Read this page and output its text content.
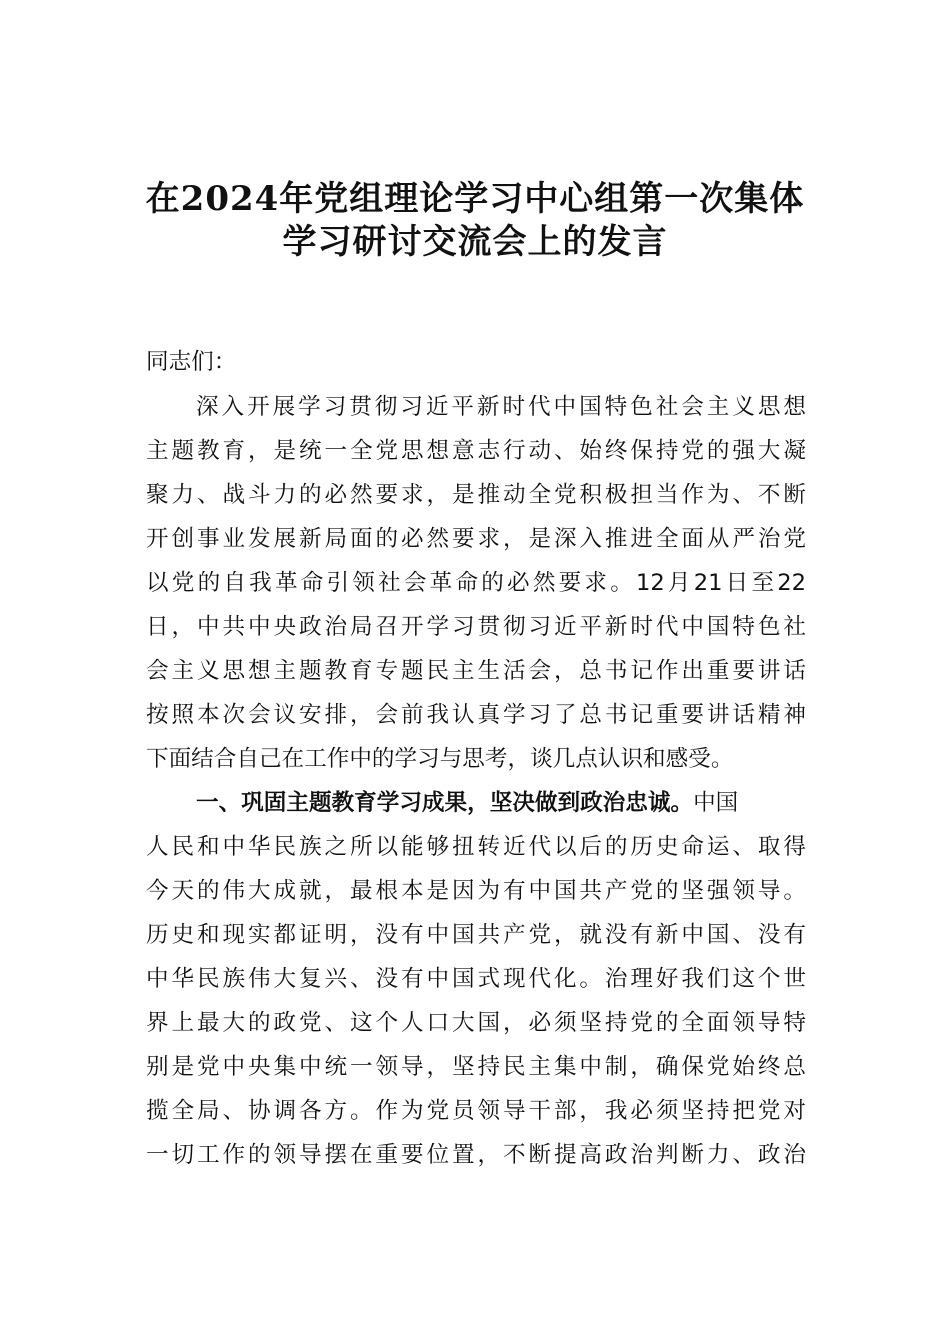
在2024年党组理论学习中心组第一次集体
学习研讨交流会上的发言
同志们：
深入开展学习贯彻习近平新时代中国特色社会主义思想
主题教育，是统一全党思想意志行动、始终保持党的强大凝
聚力、战斗力的必然要求，是推动全党积极担当作为、不断
开创事业发展新局面的必然要求，是深入推进全面从严治党
以党的自我革命引领社会革命的必然要求。12月21日至22
日，中共中央政治局召开学习贯彻习近平新时代中国特色社
会主义思想主题教育专题民主生活会，总书记作出重要讲话
按照本次会议安排，会前我认真学习了总书记重要讲话精神
下面结合自己在工作中的学习与思考，谈几点认识和感受。
一、巩固主题教育学习成果，坚决做到政治忠诚。中国
人民和中华民族之所以能够扭转近代以后的历史命运、取得
今天的伟大成就，最根本是因为有中国共产党的坚强领导。
历史和现实都证明，没有中国共产党，就没有新中国、没有
中华民族伟大复兴、没有中国式现代化。治理好我们这个世
界上最大的政党、这个人口大国，必须坚持党的全面领导特
别是党中央集中统一领导，坚持民主集中制，确保党始终总
揽全局、协调各方。作为党员领导干部，我必须坚持把党对
一切工作的领导摆在重要位置，不断提高政治判断力、政治
